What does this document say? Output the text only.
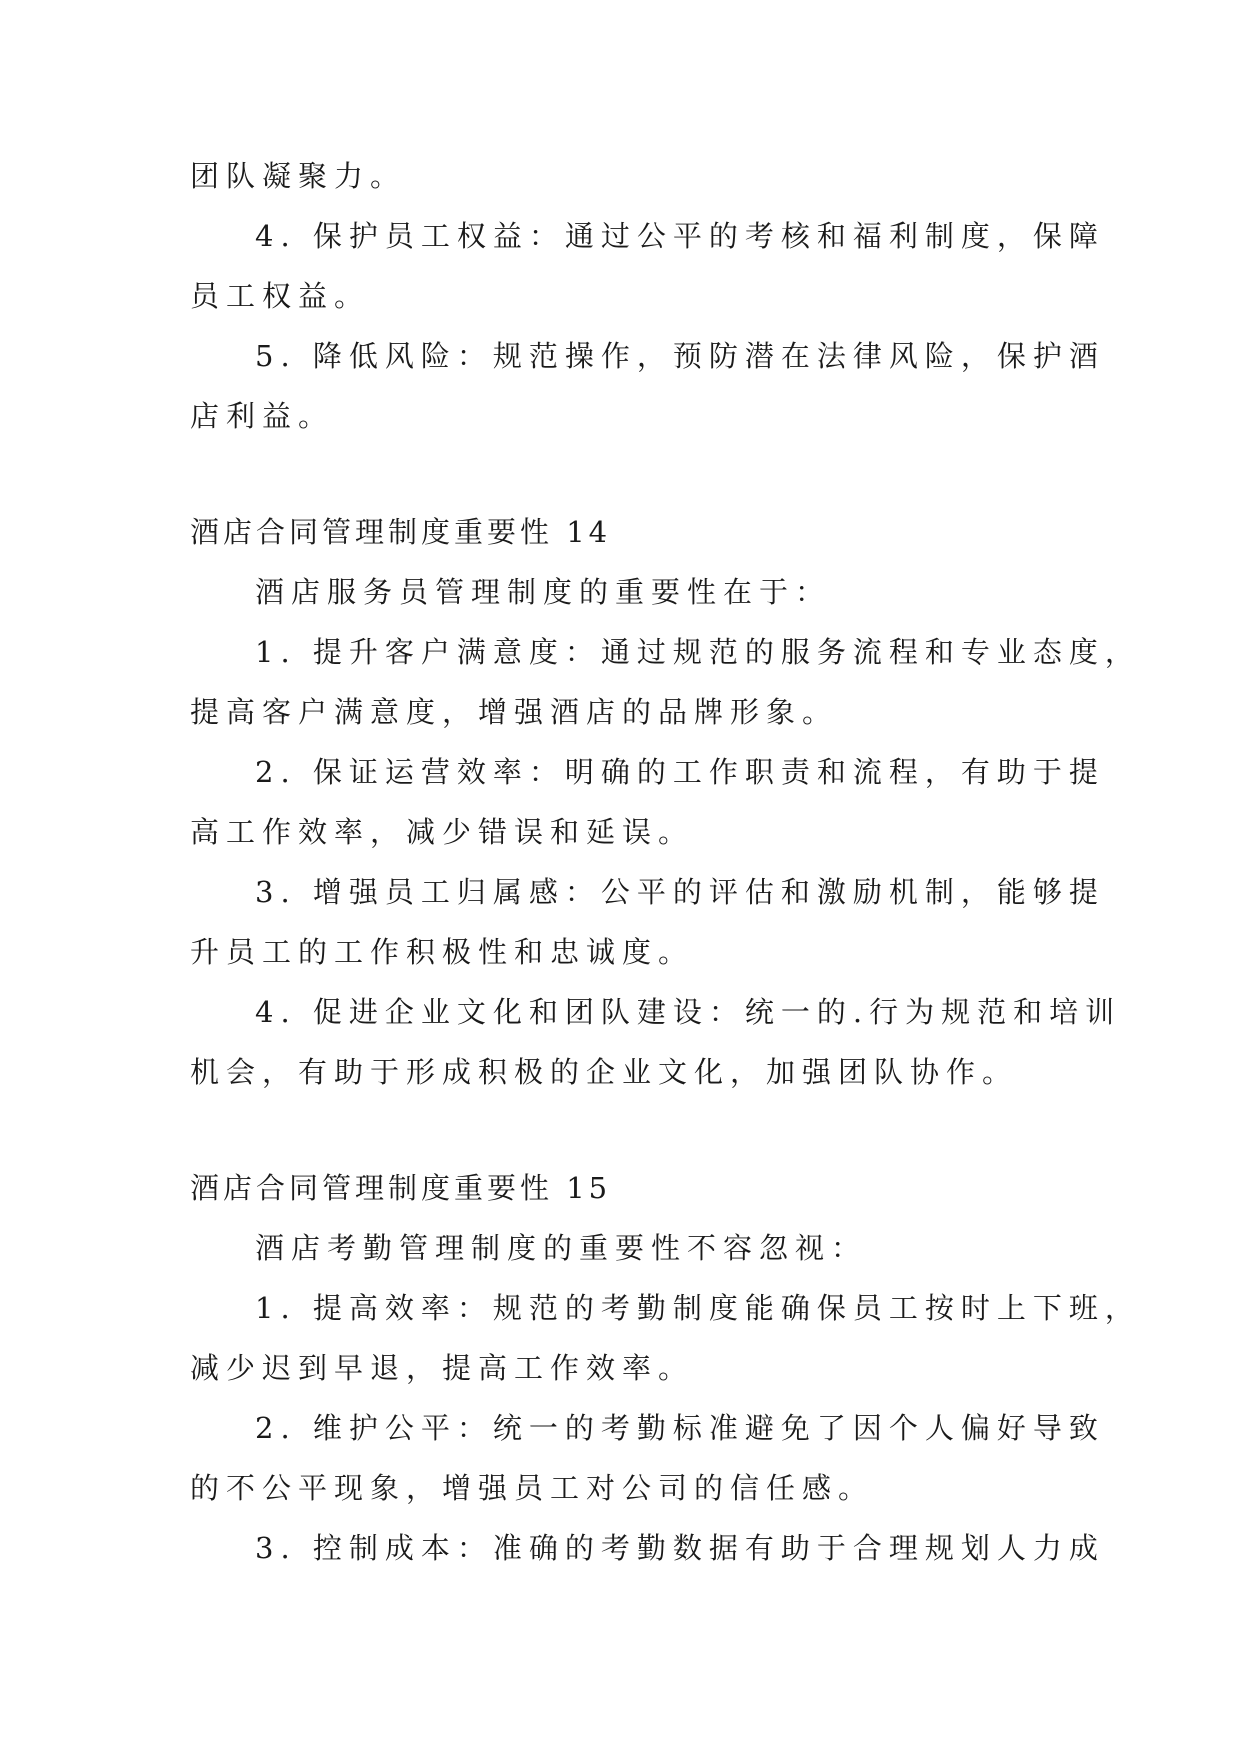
团队凝聚力。
4. 保护员工权益：通过公平的考核和福利制度，保障
员工权益。
5. 降低风险：规范操作，预防潜在法律风险，保护酒
店利益。
酒店合同管理制度重要性 14
酒店服务员管理制度的重要性在于：
1. 提升客户满意度：通过规范的服务流程和专业态度，
提高客户满意度，增强酒店的品牌形象。
2. 保证运营效率：明确的工作职责和流程，有助于提
高工作效率，减少错误和延误。
3. 增强员工归属感：公平的评估和激励机制，能够提
升员工的工作积极性和忠诚度。
4. 促进企业文化和团队建设：统一的.行为规范和培训
机会，有助于形成积极的企业文化，加强团队协作。
酒店合同管理制度重要性 15
酒店考勤管理制度的重要性不容忽视：
1. 提高效率：规范的考勤制度能确保员工按时上下班，
减少迟到早退，提高工作效率。
2. 维护公平：统一的考勤标准避免了因个人偏好导致
的不公平现象，增强员工对公司的信任感。
3. 控制成本：准确的考勤数据有助于合理规划人力成
